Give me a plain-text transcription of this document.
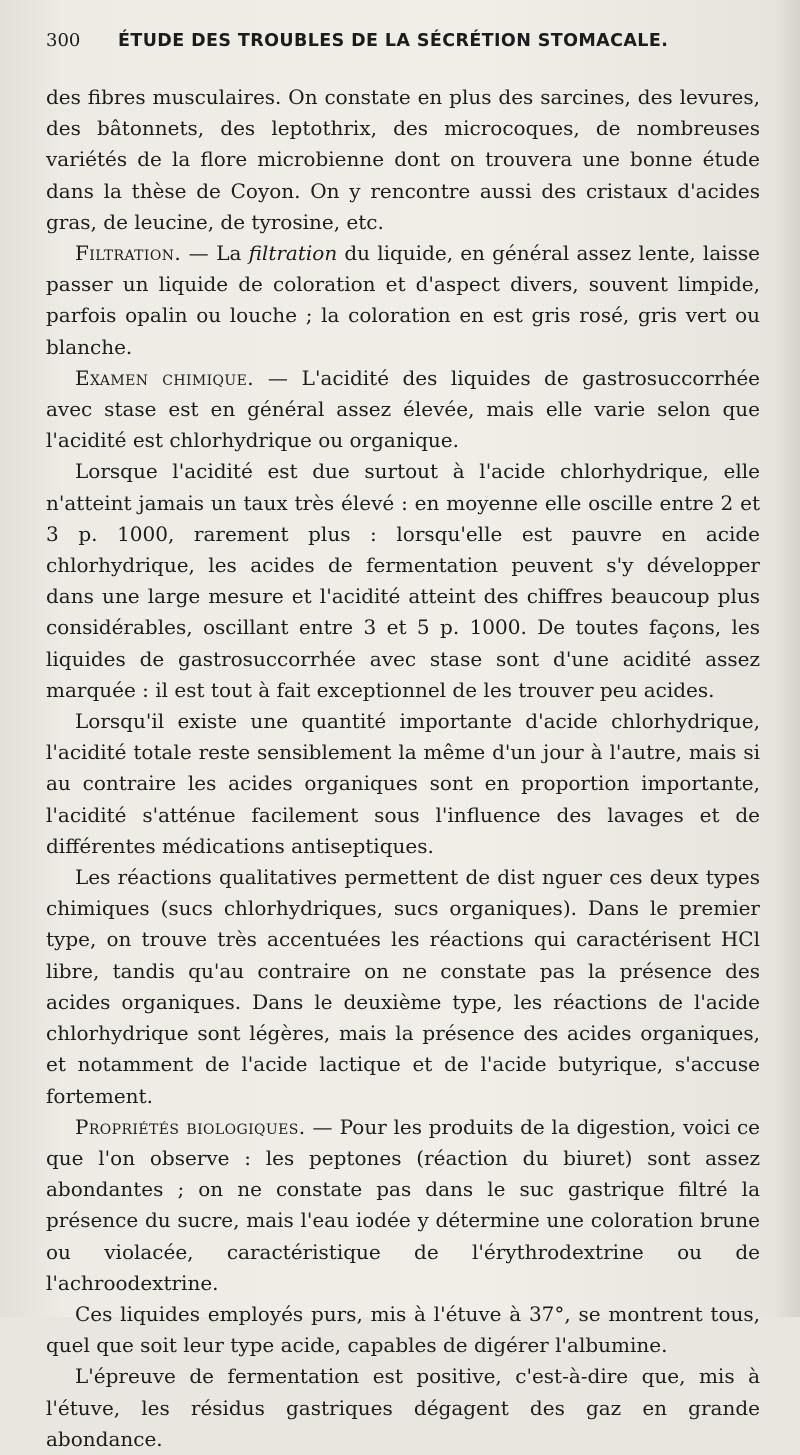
300	ÉTUDE DES TROUBLES DE LA SÉCRÉTION STOMACALE.

des fibres musculaires. On constate en plus des sarcines, des levures, des bâtonnets, des leptothrix, des microcoques, de nombreuses variétés de la flore microbienne dont on trouvera une bonne étude dans la thèse de Coyon. On y rencontre aussi des cristaux d'acides gras, de leucine, de tyrosine, etc.

Filtration. — La filtration du liquide, en général assez lente, laisse passer un liquide de coloration et d'aspect divers, souvent limpide, parfois opalin ou louche ; la coloration en est gris rosé, gris vert ou blanche.

Examen chimique. — L'acidité des liquides de gastrosuccorrhée avec stase est en général assez élevée, mais elle varie selon que l'acidité est chlorhydrique ou organique.

Lorsque l'acidité est due surtout à l'acide chlorhydrique, elle n'atteint jamais un taux très élevé : en moyenne elle oscille entre 2 et 3 p. 1000, rarement plus : lorsqu'elle est pauvre en acide chlorhydrique, les acides de fermentation peuvent s'y développer dans une large mesure et l'acidité atteint des chiffres beaucoup plus considérables, oscillant entre 3 et 5 p. 1000. De toutes façons, les liquides de gastrosuccorrhée avec stase sont d'une acidité assez marquée : il est tout à fait exceptionnel de les trouver peu acides.

Lorsqu'il existe une quantité importante d'acide chlorhydrique, l'acidité totale reste sensiblement la même d'un jour à l'autre, mais si au contraire les acides organiques sont en proportion importante, l'acidité s'atténue facilement sous l'influence des lavages et de différentes médications antiseptiques.

Les réactions qualitatives permettent de dist nguer ces deux types chimiques (sucs chlorhydriques, sucs organiques). Dans le premier type, on trouve très accentuées les réactions qui caractérisent HCl libre, tandis qu'au contraire on ne constate pas la présence des acides organiques. Dans le deuxième type, les réactions de l'acide chlorhydrique sont légères, mais la présence des acides organiques, et notamment de l'acide lactique et de l'acide butyrique, s'accuse fortement.

Propriétés biologiques. — Pour les produits de la digestion, voici ce que l'on observe : les peptones (réaction du biuret) sont assez abondantes ; on ne constate pas dans le suc gastrique filtré la présence du sucre, mais l'eau iodée y détermine une coloration brune ou violacée, caractéristique de l'érythrodextrine ou de l'achroodextrine.

Ces liquides employés purs, mis à l'étuve à 37°, se montrent tous, quel que soit leur type acide, capables de digérer l'albumine.

L'épreuve de fermentation est positive, c'est-à-dire que, mis à l'étuve, les résidus gastriques dégagent des gaz en grande abondance.
